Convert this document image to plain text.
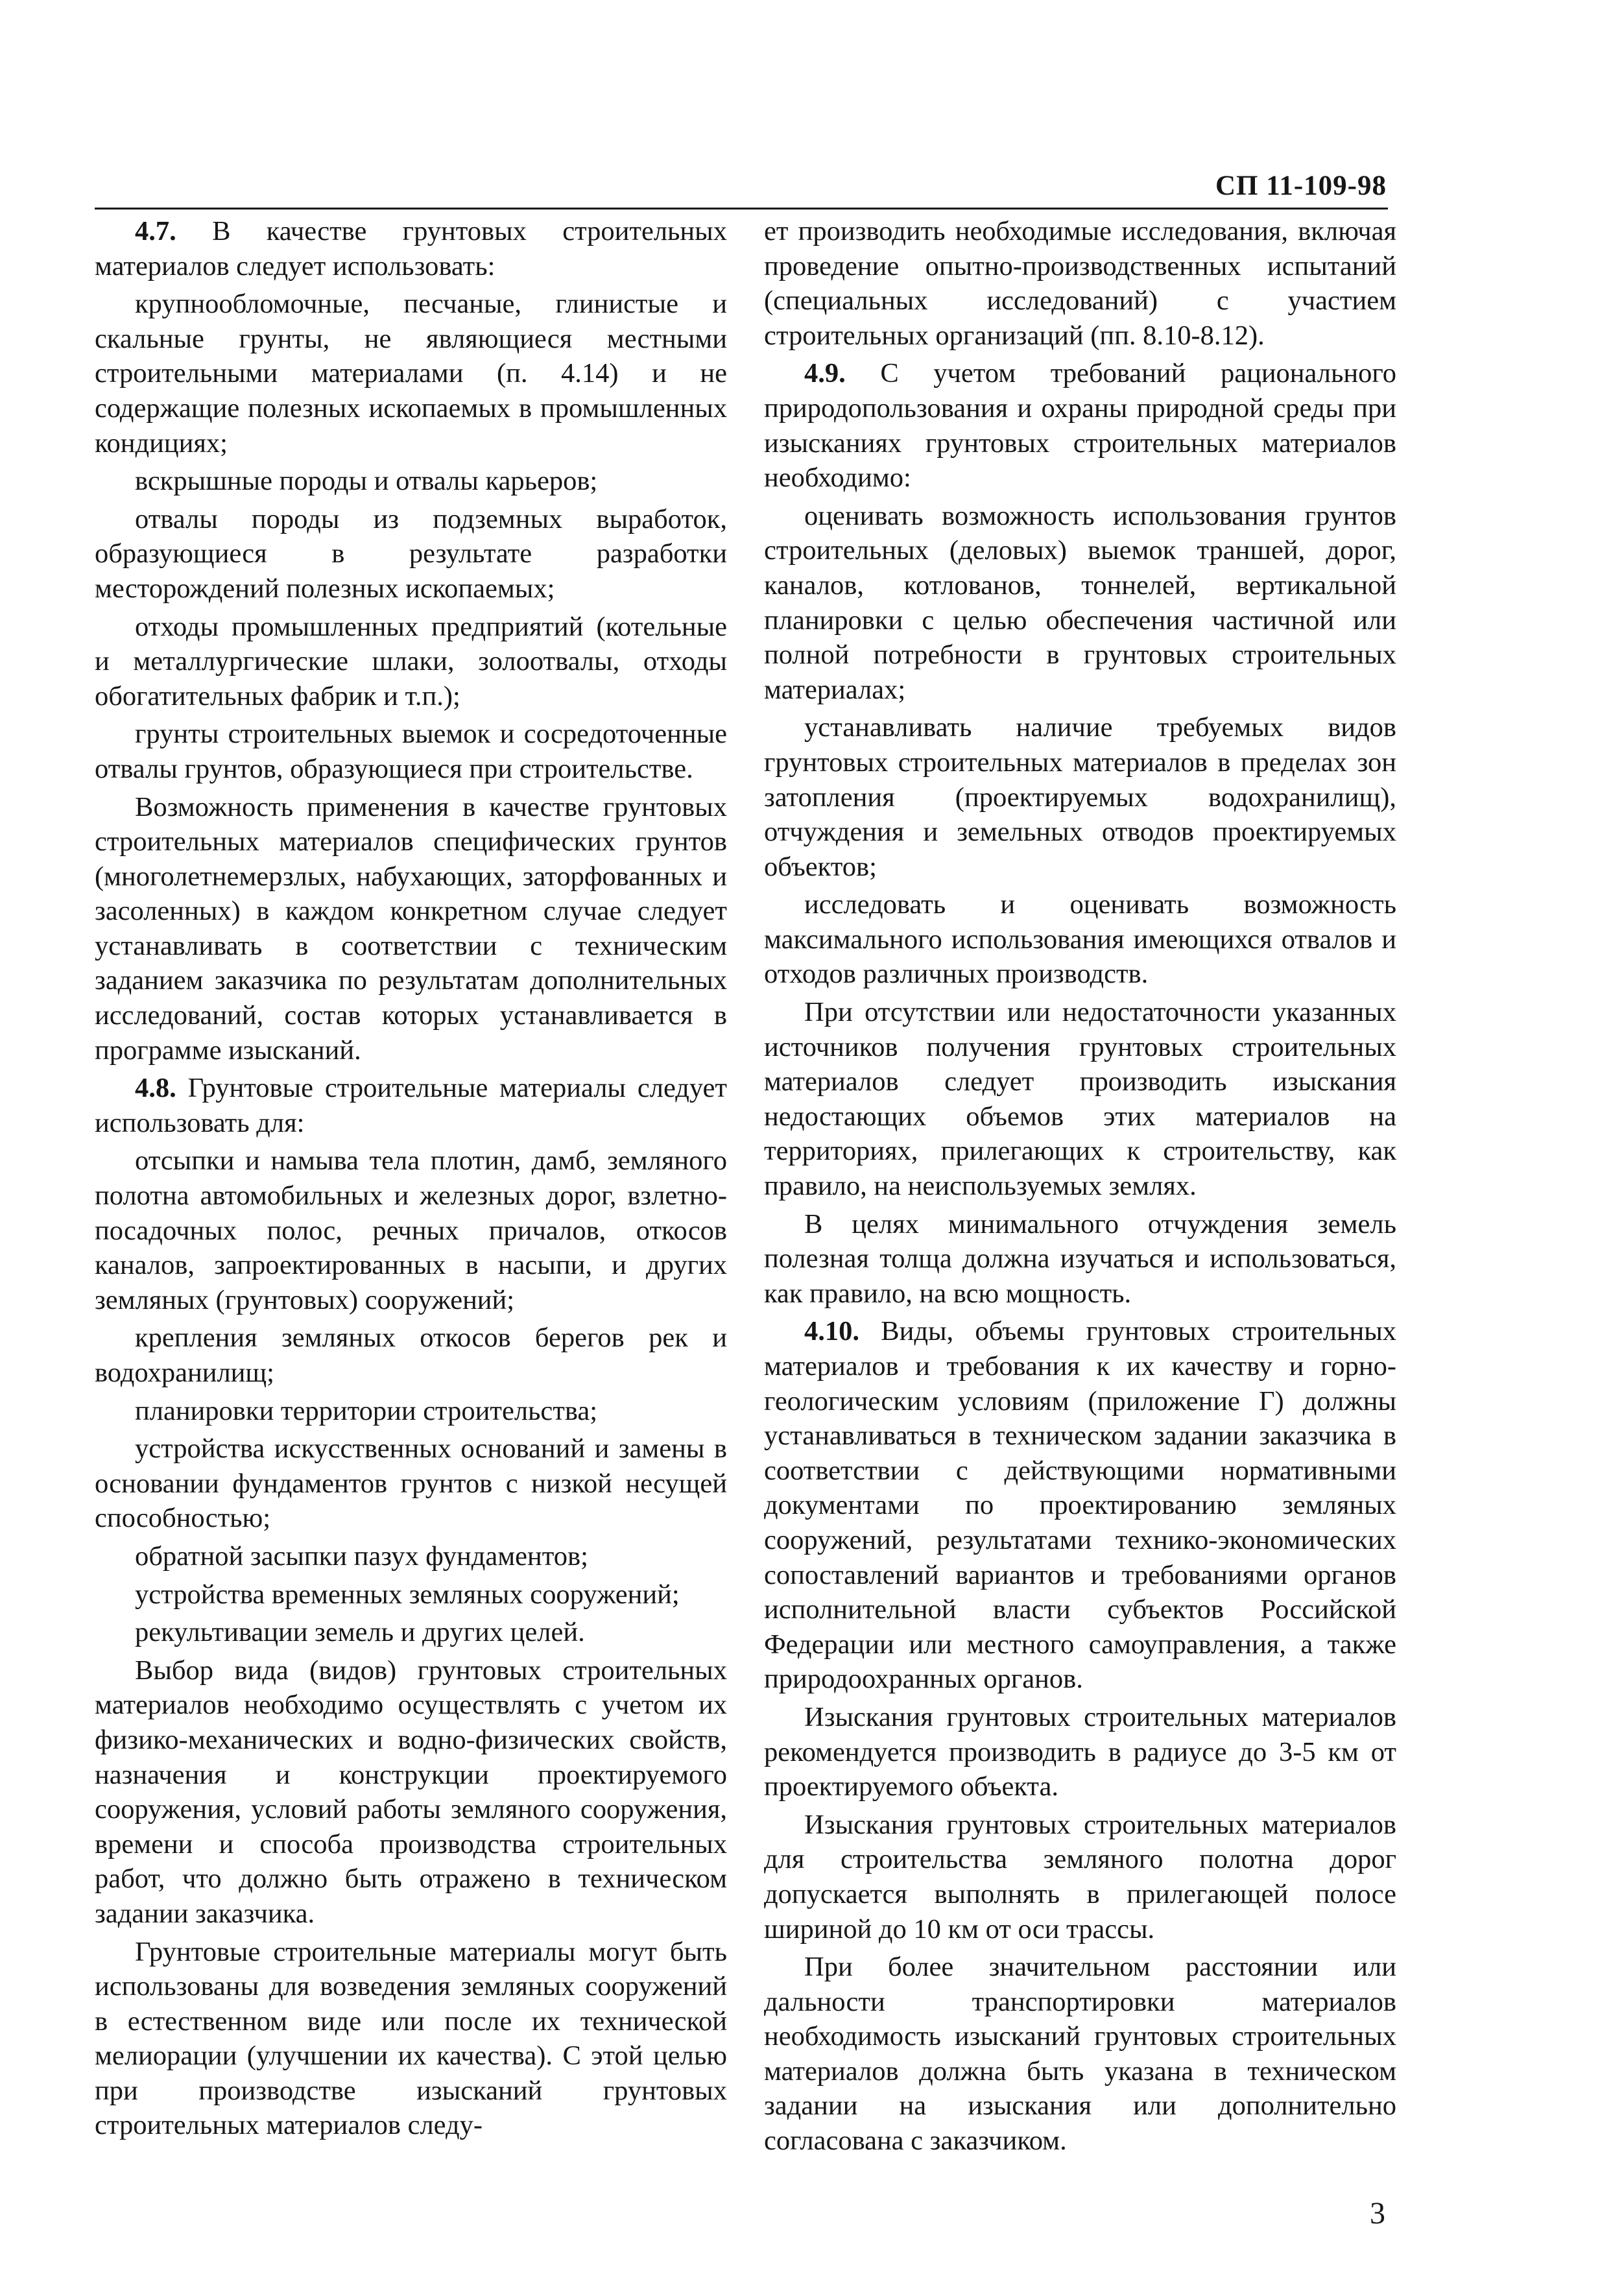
СП 11-109-98

4.7. В качестве грунтовых строительных материалов следует использовать:

крупнообломочные, песчаные, глинистые и скальные грунты, не являющиеся местными строительными материалами (п. 4.14) и не содержащие полезных ископаемых в промышленных кондициях;

вскрышные породы и отвалы карьеров;

отвалы породы из подземных выработок, образующиеся в результате разработки месторождений полезных ископаемых;

отходы промышленных предприятий (котельные и металлургические шлаки, золоотвалы, отходы обогатительных фабрик и т.п.);

грунты строительных выемок и сосредоточенные отвалы грунтов, образующиеся при строительстве.

Возможность применения в качестве грунтовых строительных материалов специфических грунтов (многолетнемерзлых, набухающих, заторфованных и засоленных) в каждом конкретном случае следует устанавливать в соответствии с техническим заданием заказчика по результатам дополнительных исследований, состав которых устанавливается в программе изысканий.

4.8. Грунтовые строительные материалы следует использовать для:

отсыпки и намыва тела плотин, дамб, земляного полотна автомобильных и железных дорог, взлетно-посадочных полос, речных причалов, откосов каналов, запроектированных в насыпи, и других земляных (грунтовых) сооружений;

крепления земляных откосов берегов рек и водохранилищ;

планировки территории строительства;

устройства искусственных оснований и замены в основании фундаментов грунтов с низкой несущей способностью;

обратной засыпки пазух фундаментов;

устройства временных земляных сооружений;

рекультивации земель и других целей.

Выбор вида (видов) грунтовых строительных материалов необходимо осуществлять с учетом их физико-механических и водно-физических свойств, назначения и конструкции проектируемого сооружения, условий работы земляного сооружения, времени и способа производства строительных работ, что должно быть отражено в техническом задании заказчика.

Грунтовые строительные материалы могут быть использованы для возведения земляных сооружений в естественном виде или после их технической мелиорации (улучшении их качества). С этой целью при производстве изысканий грунтовых строительных материалов следу-

ет производить необходимые исследования, включая проведение опытно-производственных испытаний (специальных исследований) с участием строительных организаций (пп. 8.10-8.12).

4.9. С учетом требований рационального природопользования и охраны природной среды при изысканиях грунтовых строительных материалов необходимо:

оценивать возможность использования грунтов строительных (деловых) выемок траншей, дорог, каналов, котлованов, тоннелей, вертикальной планировки с целью обеспечения частичной или полной потребности в грунтовых строительных материалах;

устанавливать наличие требуемых видов грунтовых строительных материалов в пределах зон затопления (проектируемых водохранилищ), отчуждения и земельных отводов проектируемых объектов;

исследовать и оценивать возможность максимального использования имеющихся отвалов и отходов различных производств.

При отсутствии или недостаточности указанных источников получения грунтовых строительных материалов следует производить изыскания недостающих объемов этих материалов на территориях, прилегающих к строительству, как правило, на неиспользуемых землях.

В целях минимального отчуждения земель полезная толща должна изучаться и использоваться, как правило, на всю мощность.

4.10. Виды, объемы грунтовых строительных материалов и требования к их качеству и горно-геологическим условиям (приложение Г) должны устанавливаться в техническом задании заказчика в соответствии с действующими нормативными документами по проектированию земляных сооружений, результатами технико-экономических сопоставлений вариантов и требованиями органов исполнительной власти субъектов Российской Федерации или местного самоуправления, а также природоохранных органов.

Изыскания грунтовых строительных материалов рекомендуется производить в радиусе до 3-5 км от проектируемого объекта.

Изыскания грунтовых строительных материалов для строительства земляного полотна дорог допускается выполнять в прилегающей полосе шириной до 10 км от оси трассы.

При более значительном расстоянии или дальности транспортировки материалов необходимость изысканий грунтовых строительных материалов должна быть указана в техническом задании на изыскания или дополнительно согласована с заказчиком.

3
